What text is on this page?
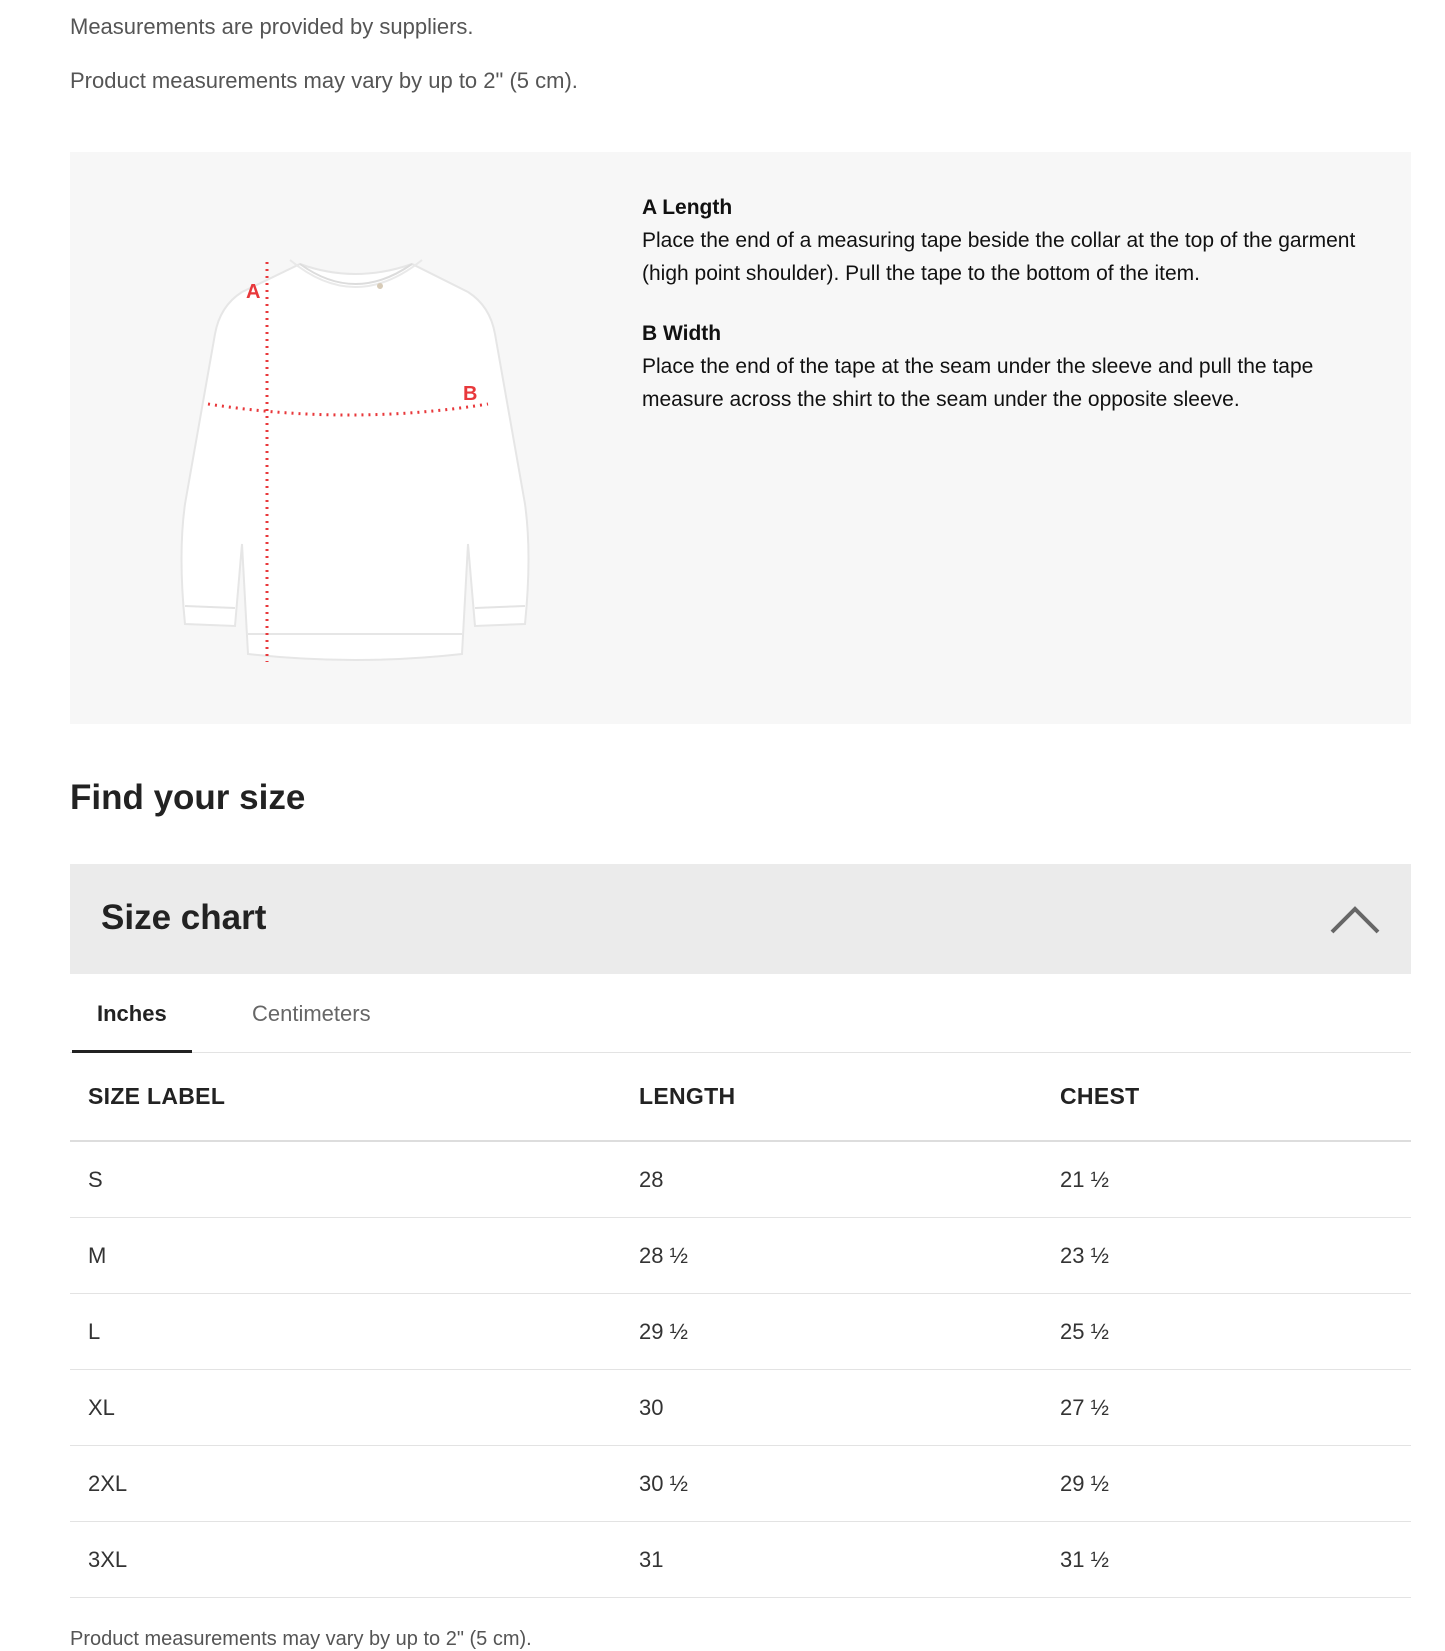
Measurements are provided by suppliers.

Product measurements may vary by up to 2" (5 cm).

A
B
A Length

Place the end of a measuring tape beside the collar at the top of the garment (high point shoulder). Pull the tape to the bottom of the item.

B Width

Place the end of the tape at the seam under the sleeve and pull the tape measure across the shirt to the seam under the opposite sleeve.

Find your size
Size chart
Inches	Centimeters
SIZE LABEL	LENGTH	CHEST
S	28	21 ½
M	28 ½	23 ½
L	29 ½	25 ½
XL	30	27 ½
2XL	30 ½	29 ½
3XL	31	31 ½

Product measurements may vary by up to 2" (5 cm).
